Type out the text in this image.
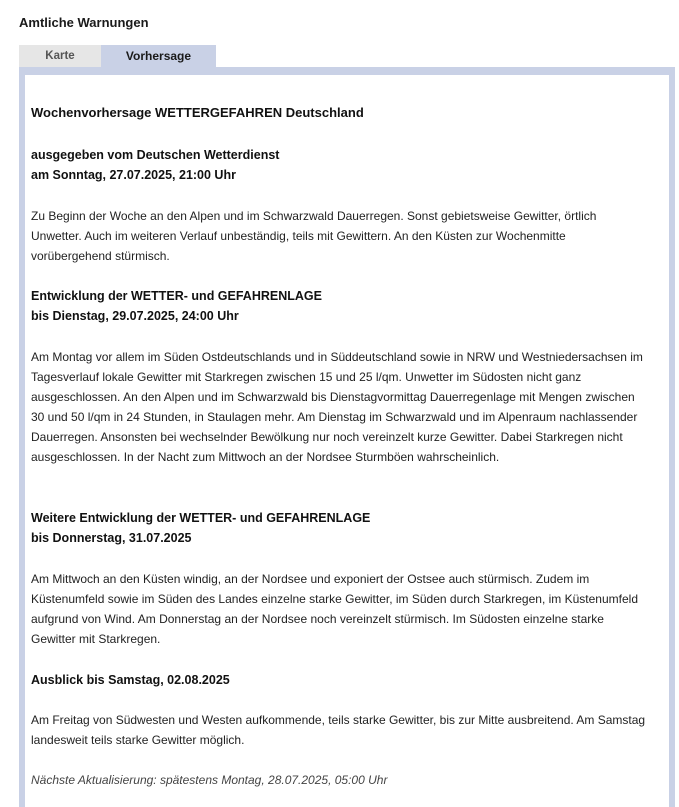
Amtliche Warnungen
Karte	Vorhersage
Wochenvorhersage WETTERGEFAHREN Deutschland
ausgegeben vom Deutschen Wetterdienst
am Sonntag, 27.07.2025, 21:00 Uhr
Zu Beginn der Woche an den Alpen und im Schwarzwald Dauerregen. Sonst gebietsweise Gewitter, örtlich Unwetter. Auch im weiteren Verlauf unbeständig, teils mit Gewittern. An den Küsten zur Wochenmitte vorübergehend stürmisch.
Entwicklung der WETTER- und GEFAHRENLAGE
bis Dienstag, 29.07.2025, 24:00 Uhr
Am Montag vor allem im Süden Ostdeutschlands und in Süddeutschland sowie in NRW und Westniedersachsen im Tagesverlauf lokale Gewitter mit Starkregen zwischen 15 und 25 l/qm. Unwetter im Südosten nicht ganz ausgeschlossen. An den Alpen und im Schwarzwald bis Dienstagvormittag Dauerregenlage mit Mengen zwischen 30 und 50 l/qm in 24 Stunden, in Staulagen mehr. Am Dienstag im Schwarzwald und im Alpenraum nachlassender Dauerregen. Ansonsten bei wechselnder Bewölkung nur noch vereinzelt kurze Gewitter. Dabei Starkregen nicht ausgeschlossen. In der Nacht zum Mittwoch an der Nordsee Sturmböen wahrscheinlich.
Weitere Entwicklung der WETTER- und GEFAHRENLAGE
bis Donnerstag, 31.07.2025
Am Mittwoch an den Küsten windig, an der Nordsee und exponiert der Ostsee auch stürmisch. Zudem im Küstenumfeld sowie im Süden des Landes einzelne starke Gewitter, im Süden durch Starkregen, im Küstenumfeld aufgrund von Wind. Am Donnerstag an der Nordsee noch vereinzelt stürmisch. Im Südosten einzelne starke Gewitter mit Starkregen.
Ausblick bis Samstag, 02.08.2025
Am Freitag von Südwesten und Westen aufkommende, teils starke Gewitter, bis zur Mitte ausbreitend. Am Samstag landesweit teils starke Gewitter möglich.
Nächste Aktualisierung: spätestens Montag, 28.07.2025, 05:00 Uhr
